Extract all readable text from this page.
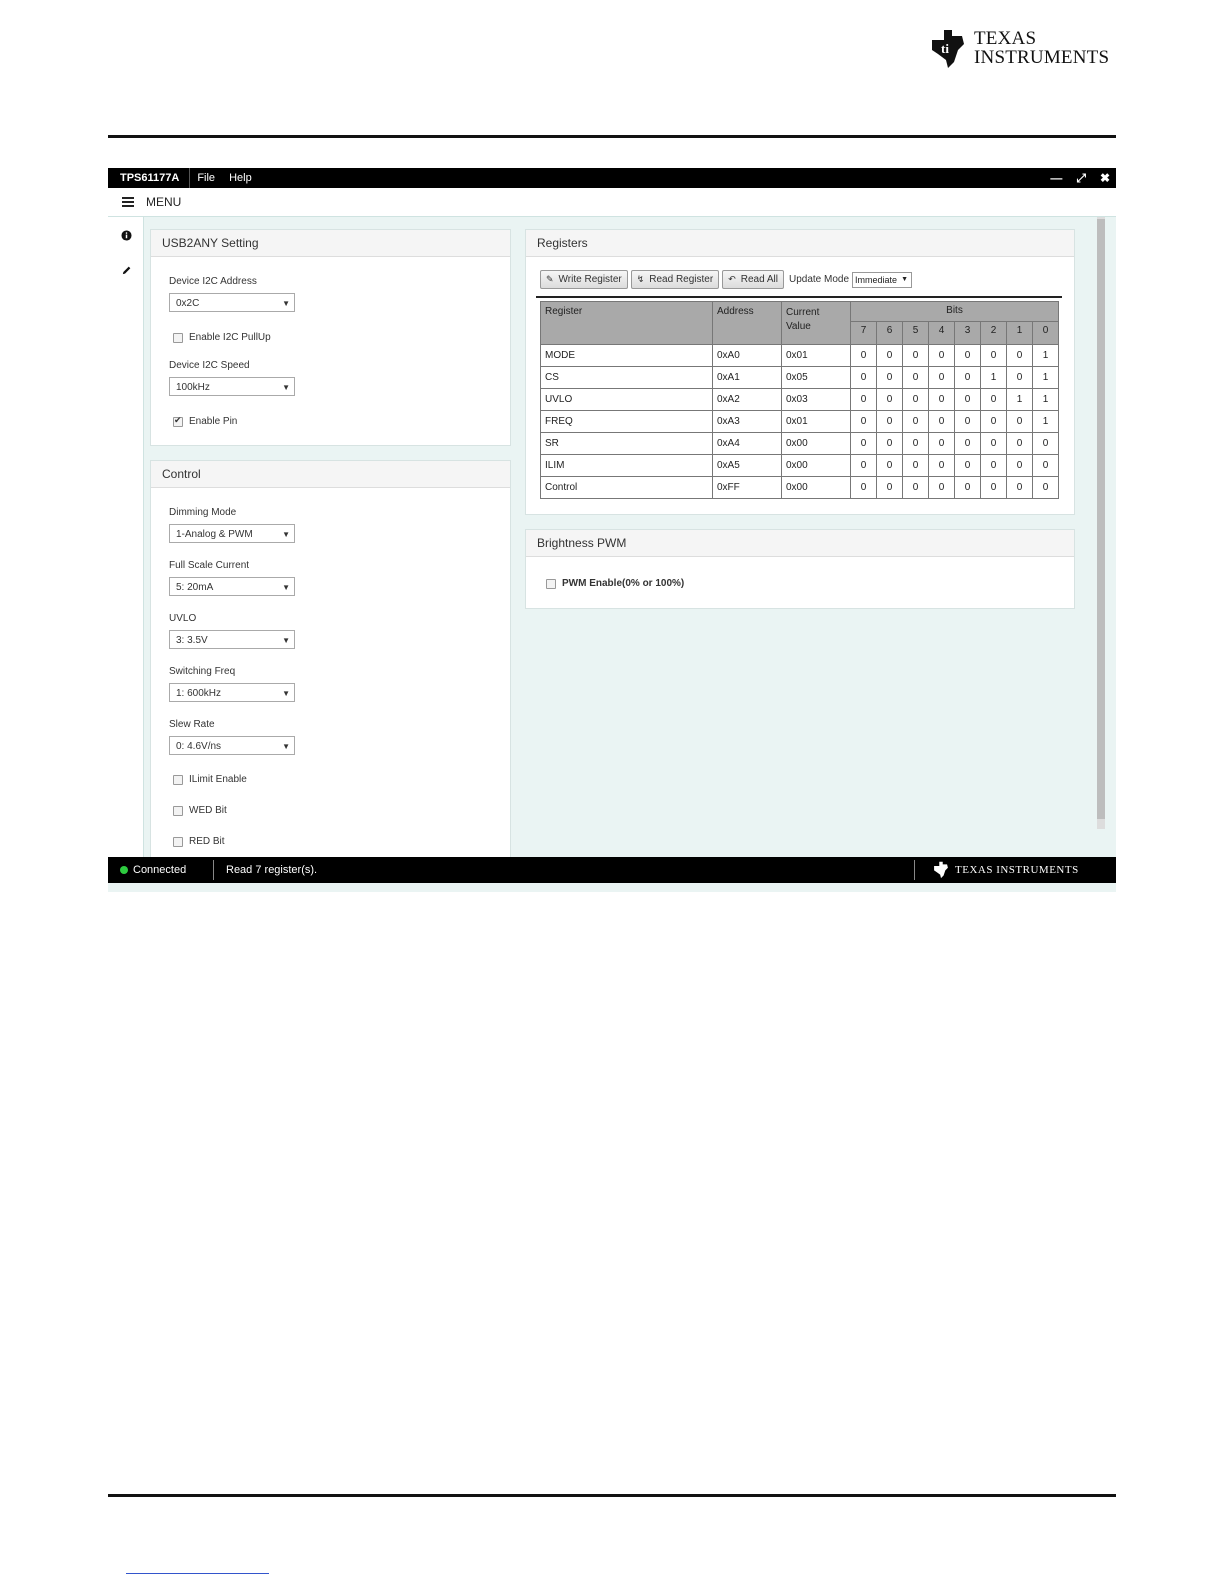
ti TEXAS
INSTRUMENTS
TPS61177A	File	Help	— ⤢ ✖
MENU
USB2ANY Setting
Device I2C Address
0x2C	▼
Enable I2C PullUp
Device I2C Speed
100kHz	▼
✔
Enable Pin
Control
Dimming Mode
1-Analog & PWM	▼
Full Scale Current
5: 20mA	▼
UVLO
3: 3.5V	▼
Switching Freq
1: 600kHz	▼
Slew Rate
0: 4.6V/ns	▼
ILimit Enable
WED Bit
RED Bit
Registers
✎ Write Register ↯ Read Register ↶ Read All Update Mode Immediate ▼
Register	Address	Current Value	Bits							
			7	6	5	4	3	2	1	0
MODE	0xA0	0x01	0	0	0	0	0	0	0	1
CS	0xA1	0x05	0	0	0	0	0	1	0	1
UVLO	0xA2	0x03	0	0	0	0	0	0	1	1
FREQ	0xA3	0x01	0	0	0	0	0	0	0	1
SR	0xA4	0x00	0	0	0	0	0	0	0	0
ILIM	0xA5	0x00	0	0	0	0	0	0	0	0
Control	0xFF	0x00	0	0	0	0	0	0	0	0
Brightness PWM
PWM Enable(0% or 100%)
Connected	Read 7 register(s).	TEXAS INSTRUMENTS
